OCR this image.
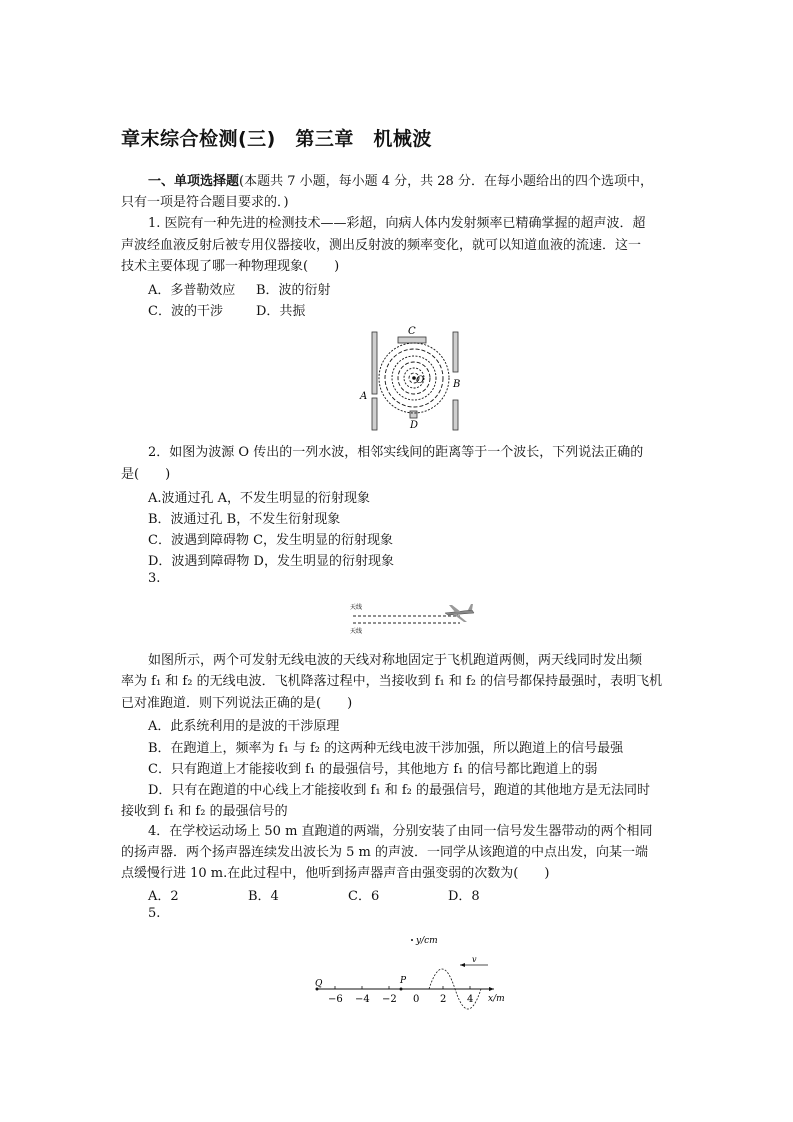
章末综合检测(三)　第三章　机械波
一、单项选择题(本题共 7 小题，每小题 4 分，共 28 分．在每小题给出的四个选项中，
只有一项是符合题目要求的．)
1. 医院有一种先进的检测技术——彩超，向病人体内发射频率已精确掌握的超声波．超
声波经血液反射后被专用仪器接收，测出反射波的频率变化，就可以知道血液的流速．这一
技术主要体现了哪一种物理现象(　　)
A．多普勒效应 B．波的衍射
C．波的干涉	D．共振
O
C
D
A
B
2．如图为波源 O 传出的一列水波，相邻实线间的距离等于一个波长，下列说法正确的
是(　　)
A.波通过孔 A，不发生明显的衍射现象
B．波通过孔 B，不发生衍射现象
C．波遇到障碍物 C，发生明显的衍射现象
D．波遇到障碍物 D，发生明显的衍射现象
3.
天线
天线
如图所示，两个可发射无线电波的天线对称地固定于飞机跑道两侧，两天线同时发出频
率为 f₁ 和 f₂ 的无线电波．飞机降落过程中，当接收到 f₁ 和 f₂ 的信号都保持最强时，表明飞机
已对准跑道．则下列说法正确的是(　　)
A．此系统利用的是波的干涉原理
B．在跑道上，频率为 f₁ 与 f₂ 的这两种无线电波干涉加强，所以跑道上的信号最强
C．只有跑道上才能接收到 f₁ 的最强信号，其他地方 f₁ 的信号都比跑道上的弱
D．只有在跑道的中心线上才能接收到 f₁ 和 f₂ 的最强信号，跑道的其他地方是无法同时
接收到 f₁ 和 f₂ 的最强信号的
4．在学校运动场上 50 m 直跑道的两端，分别安装了由同一信号发生器带动的两个相同
的扬声器．两个扬声器连续发出波长为 5 m 的声波．一同学从该跑道的中点出发，向某一端
点缓慢行进 10 m.在此过程中，他听到扬声器声音由强变弱的次数为(　　)
A．2	B．4	C．6	D．8
5.
y/cm
v
Q	P
−6 −4 −2 0 2 4 x/m
